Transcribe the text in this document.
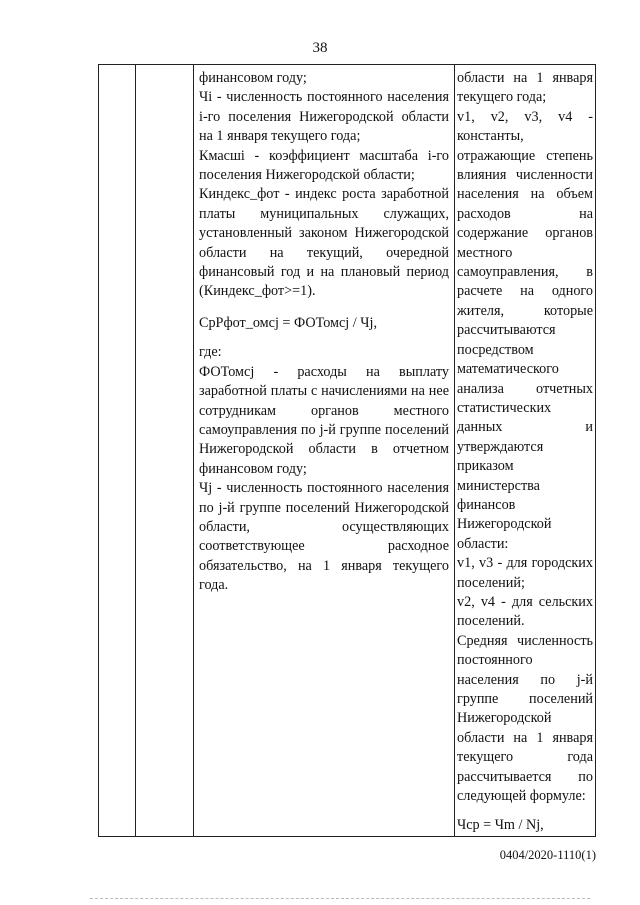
38

финансовом году;

Чi - численность постоянного населения i-го поселения Нижегородской области на 1 января текущего года;

Кмасшi - коэффициент масштаба i-го поселения Нижегородской области;

Киндекс_фот - индекс роста заработной платы муниципальных служащих, установленный законом Нижегородской области на текущий, очередной финансовый год и на плановый период (Киндекс_фот>=1).

СрРфот_омсj = ФОТомсj / Чj,

где:

ФОТомсj - расходы на выплату заработной платы с начислениями на нее сотрудникам органов местного самоуправления по j-й группе поселений Нижегородской области в отчетном финансовом году;

Чj - численность постоянного населения по j-й группе поселений Нижегородской области, осуществляющих соответствующее расходное обязательство, на 1 января текущего года.

области на 1 января текущего года;

v1, v2, v3, v4 - константы, отражающие степень влияния численности населения на объем расходов на содержание органов местного самоуправления, в расчете на одного жителя, которые рассчитываются посредством математического анализа отчетных статистических данных и утверждаются приказом министерства финансов Нижегородской области:

v1, v3 - для городских поселений;

v2, v4 - для сельских поселений.

Средняя численность постоянного населения по j-й группе поселений Нижегородской области на 1 января текущего года рассчитывается по следующей формуле:

Чср = Чm / Nj,

0404/2020-1110(1)
